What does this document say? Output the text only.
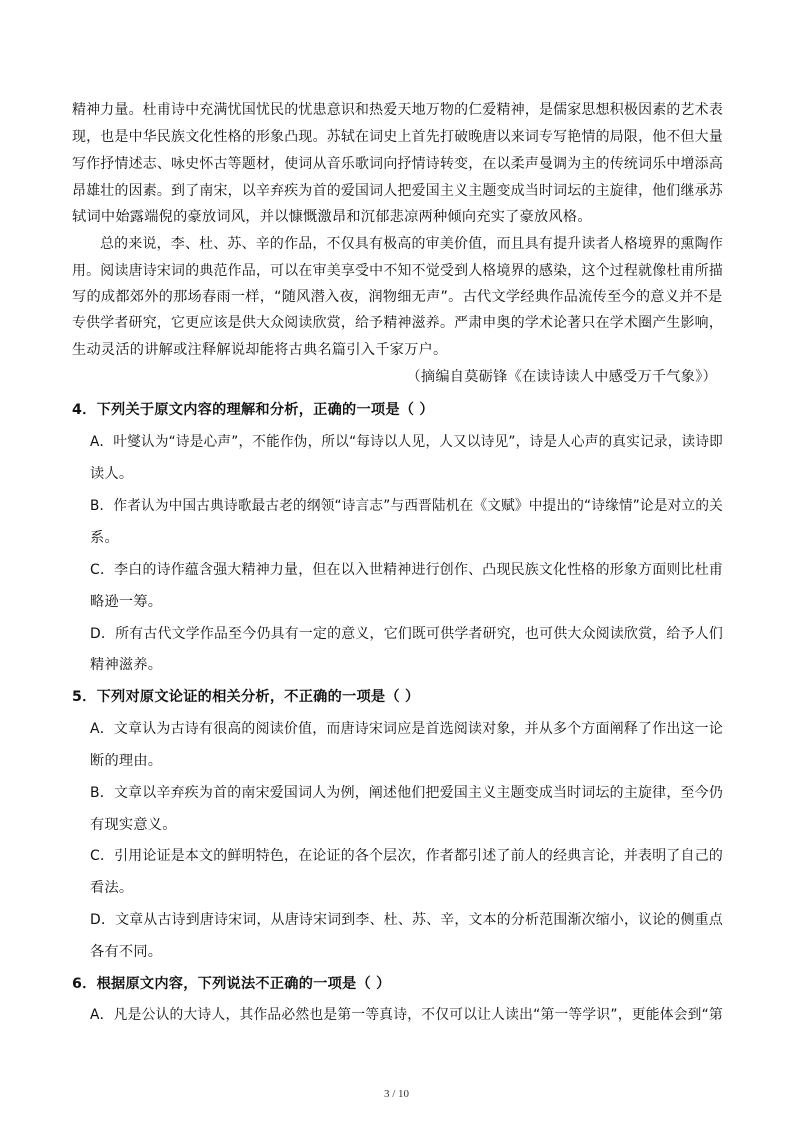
精神力量。杜甫诗中充满忧国忧民的忧患意识和热爱天地万物的仁爱精神，是儒家思想积极因素的艺术表
现，也是中华民族文化性格的形象凸现。苏轼在词史上首先打破晚唐以来词专写艳情的局限，他不但大量
写作抒情述志、咏史怀古等题材，使词从音乐歌词向抒情诗转变，在以柔声曼调为主的传统词乐中增添高
昂雄壮的因素。到了南宋，以辛弃疾为首的爱国词人把爱国主义主题变成当时词坛的主旋律，他们继承苏
轼词中始露端倪的豪放词风，并以慷慨激昂和沉郁悲凉两种倾向充实了豪放风格。
总的来说，李、杜、苏、辛的作品，不仅具有极高的审美价值，而且具有提升读者人格境界的熏陶作
用。阅读唐诗宋词的典范作品，可以在审美享受中不知不觉受到人格境界的感染，这个过程就像杜甫所描
写的成都郊外的那场春雨一样，“随风潜入夜，润物细无声”。古代文学经典作品流传至今的意义并不是
专供学者研究，它更应该是供大众阅读欣赏，给予精神滋养。严肃申奥的学术论著只在学术圈产生影响，
生动灵活的讲解或注释解说却能将古典名篇引入千家万户。
（摘编自莫砺锋《在读诗读人中感受万千气象》）
4．下列关于原文内容的理解和分析，正确的一项是（ ）
A．叶燮认为“诗是心声”，不能作伪，所以“每诗以人见，人又以诗见”，诗是人心声的真实记录，读诗即
读人。
B．作者认为中国古典诗歌最古老的纲领“诗言志”与西晋陆机在《文赋》中提出的“诗缘情”论是对立的关
系。
C．李白的诗作蕴含强大精神力量，但在以入世精神进行创作、凸现民族文化性格的形象方面则比杜甫
略逊一筹。
D．所有古代文学作品至今仍具有一定的意义，它们既可供学者研究，也可供大众阅读欣赏，给予人们
精神滋养。
5．下列对原文论证的相关分析，不正确的一项是（ ）
A．文章认为古诗有很高的阅读价值，而唐诗宋词应是首选阅读对象，并从多个方面阐释了作出这一论
断的理由。
B．文章以辛弃疾为首的南宋爱国词人为例，阐述他们把爱国主义主题变成当时词坛的主旋律，至今仍
有现实意义。
C．引用论证是本文的鲜明特色，在论证的各个层次，作者都引述了前人的经典言论，并表明了自己的
看法。
D．文章从古诗到唐诗宋词，从唐诗宋词到李、杜、苏、辛，文本的分析范围渐次缩小，议论的侧重点
各有不同。
6．根据原文内容，下列说法不正确的一项是（ ）
A．凡是公认的大诗人，其作品必然也是第一等真诗，不仅可以让人读出“第一等学识”，更能体会到“第
3 / 10
